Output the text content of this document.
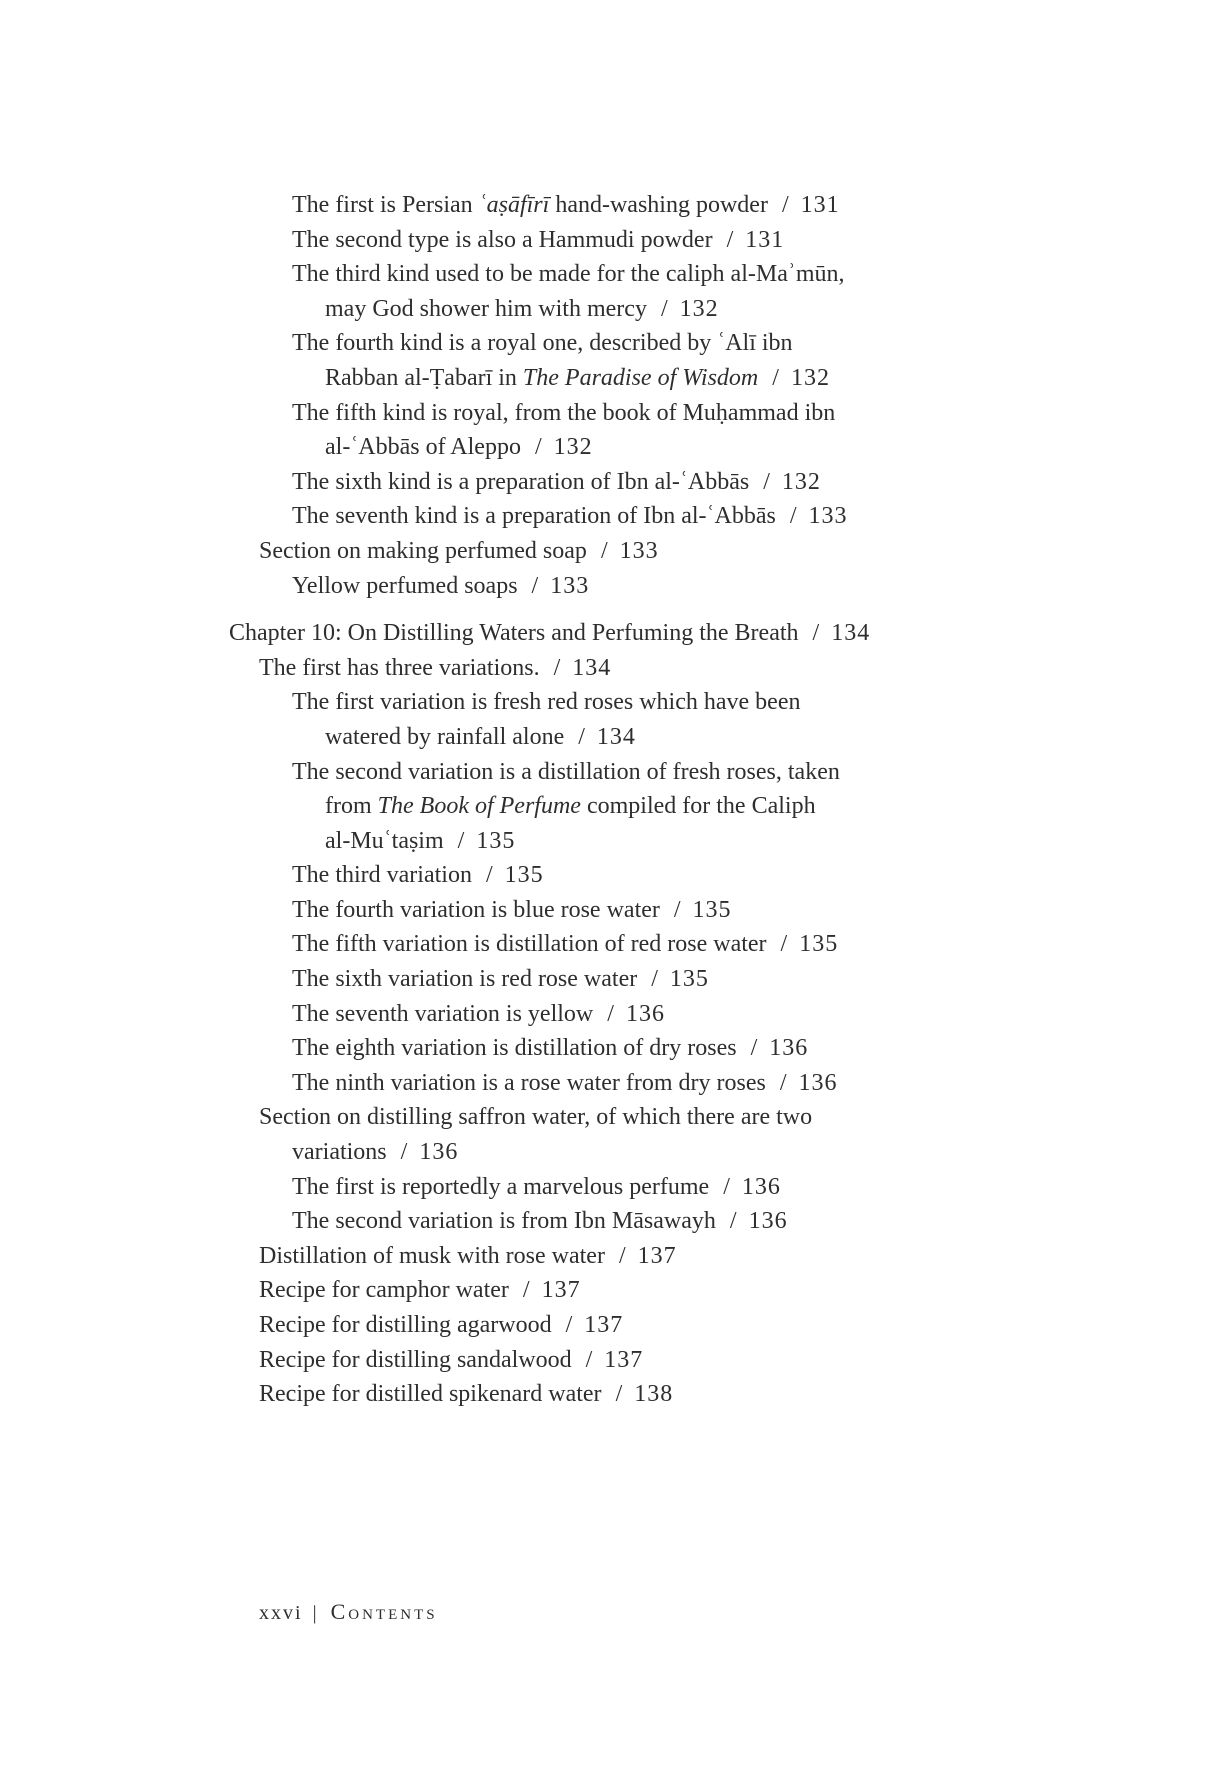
The first is Persian ʿaṣāfīrī hand-washing powder / 131
The second type is also a Hammudi powder / 131
The third kind used to be made for the caliph al-Maʾmūn,
may God shower him with mercy / 132
The fourth kind is a royal one, described by ʿAlī ibn
Rabban al-Ṭabarī in The Paradise of Wisdom / 132
The fifth kind is royal, from the book of Muḥammad ibn
al-ʿAbbās of Aleppo / 132
The sixth kind is a preparation of Ibn al-ʿAbbās / 132
The seventh kind is a preparation of Ibn al-ʿAbbās / 133
Section on making perfumed soap / 133
Yellow perfumed soaps / 133
Chapter 10: On Distilling Waters and Perfuming the Breath / 134
The first has three variations. / 134
The first variation is fresh red roses which have been
watered by rainfall alone / 134
The second variation is a distillation of fresh roses, taken
from The Book of Perfume compiled for the Caliph
al-Muʿtaṣim / 135
The third variation / 135
The fourth variation is blue rose water / 135
The fifth variation is distillation of red rose water / 135
The sixth variation is red rose water / 135
The seventh variation is yellow / 136
The eighth variation is distillation of dry roses / 136
The ninth variation is a rose water from dry roses / 136
Section on distilling saffron water, of which there are two
variations / 136
The first is reportedly a marvelous perfume / 136
The second variation is from Ibn Māsawayh / 136
Distillation of musk with rose water / 137
Recipe for camphor water / 137
Recipe for distilling agarwood / 137
Recipe for distilling sandalwood / 137
Recipe for distilled spikenard water / 138
xxvi | Contents
